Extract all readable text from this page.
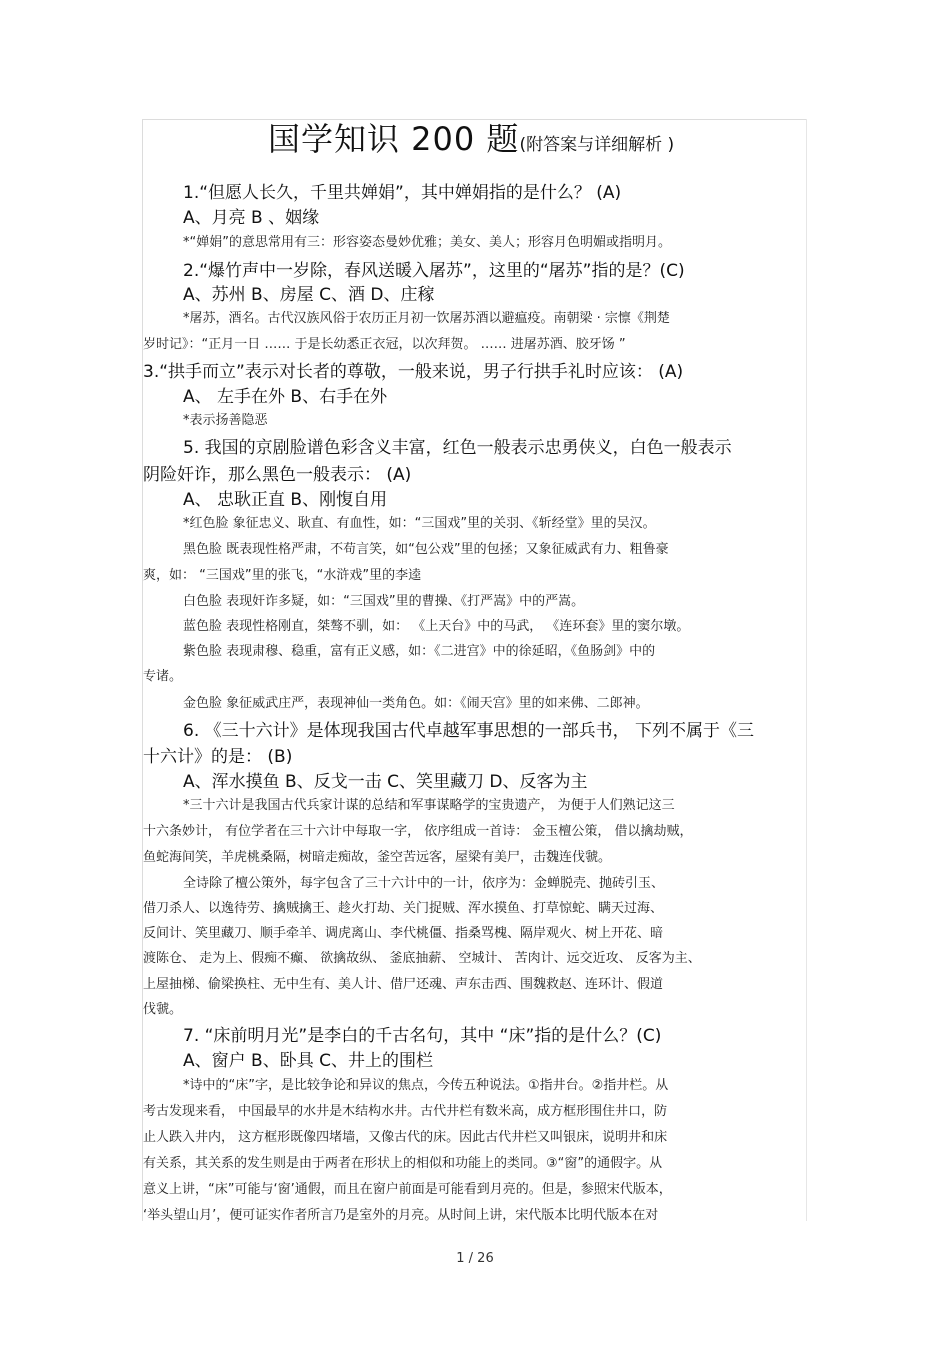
国学知识 200 题(附答案与详细解析 )
1.“但愿人长久，千里共婵娟”，其中婵娟指的是什么？ (A)
A、月亮 B 、姻缘
*“婵娟”的意思常用有三：形容姿态曼妙优雅；美女、美人；形容月色明媚或指明月。
2.“爆竹声中一岁除，春风送暖入屠苏”，这里的“屠苏”指的是？(C)
A、苏州 B、房屋 C、酒 D、庄稼
*屠苏，酒名。古代汉族风俗于农历正月初一饮屠苏酒以避瘟疫。南朝梁 · 宗懔《荆楚
岁时记》：“正月一日 …… 于是长幼悉正衣冠，以次拜贺。 …… 进屠苏酒、胶牙饧 ”
3.“拱手而立”表示对长者的尊敬，一般来说，男子行拱手礼时应该： (A)
A、 左手在外 B、右手在外
*表示扬善隐恶
5. 我国的京剧脸谱色彩含义丰富，红色一般表示忠勇侠义，白色一般表示
阴险奸诈，那么黑色一般表示： (A)
A、 忠耿正直 B、刚愎自用
*红色脸 象征忠义、耿直、有血性，如：“三国戏”里的关羽、《斩经堂》里的吴汉。
黑色脸 既表现性格严肃，不苟言笑，如“包公戏”里的包拯；又象征威武有力、粗鲁豪
爽，如： “三国戏”里的张飞，“水浒戏”里的李逵
白色脸 表现奸诈多疑，如：“三国戏”里的曹操、《打严嵩》中的严嵩。
蓝色脸 表现性格刚直，桀骜不驯，如： 《上天台》中的马武， 《连环套》里的窦尔墩。
紫色脸 表现肃穆、稳重，富有正义感，如：《二进宫》中的徐延昭，《鱼肠剑》中的
专诸。
金色脸 象征威武庄严，表现神仙一类角色。如：《闹天宫》里的如来佛、二郎神。
6. 《三十六计》是体现我国古代卓越军事思想的一部兵书， 下列不属于《三
十六计》的是： (B)
A、浑水摸鱼 B、反戈一击 C、笑里藏刀 D、反客为主
*三十六计是我国古代兵家计谋的总结和军事谋略学的宝贵遗产， 为便于人们熟记这三
十六条妙计， 有位学者在三十六计中每取一字， 依序组成一首诗： 金玉檀公策， 借以擒劫贼，
鱼蛇海间笑，羊虎桃桑隔，树暗走痴故，釜空苦远客，屋梁有美尸，击魏连伐虢。
全诗除了檀公策外，每字包含了三十六计中的一计，依序为：金蝉脱壳、抛砖引玉、
借刀杀人、以逸待劳、擒贼擒王、趁火打劫、关门捉贼、浑水摸鱼、打草惊蛇、瞒天过海、
反间计、笑里藏刀、顺手牵羊、调虎离山、李代桃僵、指桑骂槐、隔岸观火、树上开花、暗
渡陈仓、 走为上、假痴不癫、 欲擒故纵、 釜底抽薪、 空城计、 苦肉计、远交近攻、 反客为主、
上屋抽梯、偷梁换柱、无中生有、美人计、借尸还魂、声东击西、围魏救赵、连环计、假道
伐虢。
7. “床前明月光”是李白的千古名句，其中 “床”指的是什么？(C)
A、窗户 B、卧具 C、井上的围栏
*诗中的“床”字，是比较争论和异议的焦点，今传五种说法。①指井台。②指井栏。从
考古发现来看， 中国最早的水井是木结构水井。古代井栏有数米高，成方框形围住井口，防
止人跌入井内， 这方框形既像四堵墙，又像古代的床。因此古代井栏又叫银床，说明井和床
有关系，其关系的发生则是由于两者在形状上的相似和功能上的类同。③“窗”的通假字。从
意义上讲，“床”可能与‘窗’通假，而且在窗户前面是可能看到月亮的。但是，参照宋代版本，
‘举头望山月’，便可证实作者所言乃是室外的月亮。从时间上讲，宋代版本比明代版本在对
1 / 26
